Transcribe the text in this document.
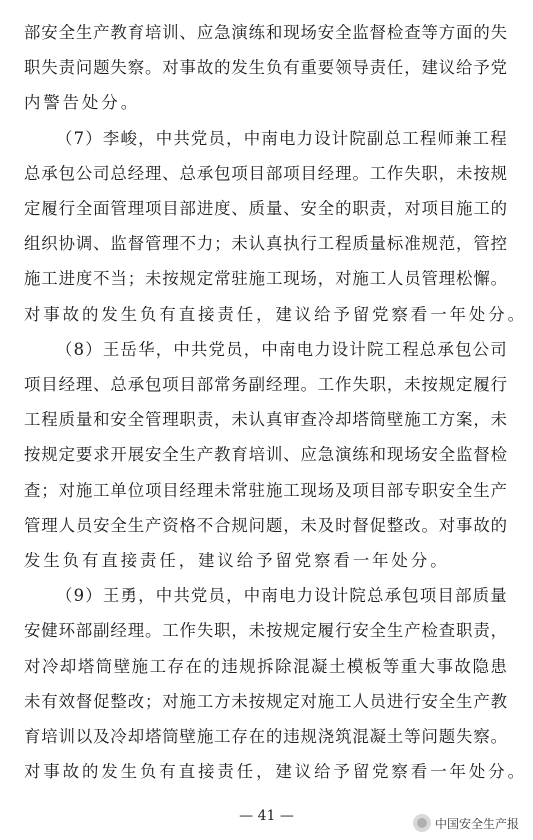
部 安 全 生 产 教 育 培 训 、 应 急 演 练 和 现 场 安 全 监 督 检 查 等 方 面 的 失
职 失 责 问 题 失 察 。 对 事 故 的 发 生 负 有 重 要 领 导 责 任 ， 建 议 给 予 党
内警告处分。
（ 7 ） 李 峻 ， 中 共 党 员 ， 中 南 电 力 设 计 院 副 总 工 程 师 兼 工 程
总 承 包 公 司 总 经 理 、 总 承 包 项 目 部 项 目 经 理 。 工 作 失 职 ， 未 按 规
定 履 行 全 面 管 理 项 目 部 进 度 、 质 量 、 安 全 的 职 责 ， 对 项 目 施 工 的
组 织 协 调 、 监 督 管 理 不 力 ； 未 认 真 执 行 工 程 质 量 标 准 规 范 ， 管 控
施 工 进 度 不 当 ； 未 按 规 定 常 驻 施 工 现 场 ， 对 施 工 人 员 管 理 松 懈 。
对事故的发生负有直接责任，建议给予留党察看一年处分。
（ 8 ） 王 岳 华 ， 中 共 党 员 ， 中 南 电 力 设 计 院 工 程 总 承 包 公 司
项 目 经 理 、 总 承 包 项 目 部 常 务 副 经 理 。 工 作 失 职 ， 未 按 规 定 履 行
工 程 质 量 和 安 全 管 理 职 责 ， 未 认 真 审 查 冷 却 塔 筒 壁 施 工 方 案 ， 未
按 规 定 要 求 开 展 安 全 生 产 教 育 培 训 、 应 急 演 练 和 现 场 安 全 监 督 检
查 ； 对 施 工 单 位 项 目 经 理 未 常 驻 施 工 现 场 及 项 目 部 专 职 安 全 生 产
管 理 人 员 安 全 生 产 资 格 不 合 规 问 题 ， 未 及 时 督 促 整 改 。 对 事 故 的
发生负有直接责任，建议给予留党察看一年处分。
（ 9 ） 王 勇 ， 中 共 党 员 ， 中 南 电 力 设 计 院 总 承 包 项 目 部 质 量
安 健 环 部 副 经 理 。 工 作 失 职 ， 未 按 规 定 履 行 安 全 生 产 检 查 职 责 ，
对 冷 却 塔 筒 壁 施 工 存 在 的 违 规 拆 除 混 凝 土 模 板 等 重 大 事 故 隐 患
未 有 效 督 促 整 改 ； 对 施 工 方 未 按 规 定 对 施 工 人 员 进 行 安 全 生 产 教
育 培 训 以 及 冷 却 塔 筒 壁 施 工 存 在 的 违 规 浇 筑 混 凝 土 等 问 题 失 察 。
对事故的发生负有直接责任，建议给予留党察看一年处分。
— 41 —	中国安全生产报
